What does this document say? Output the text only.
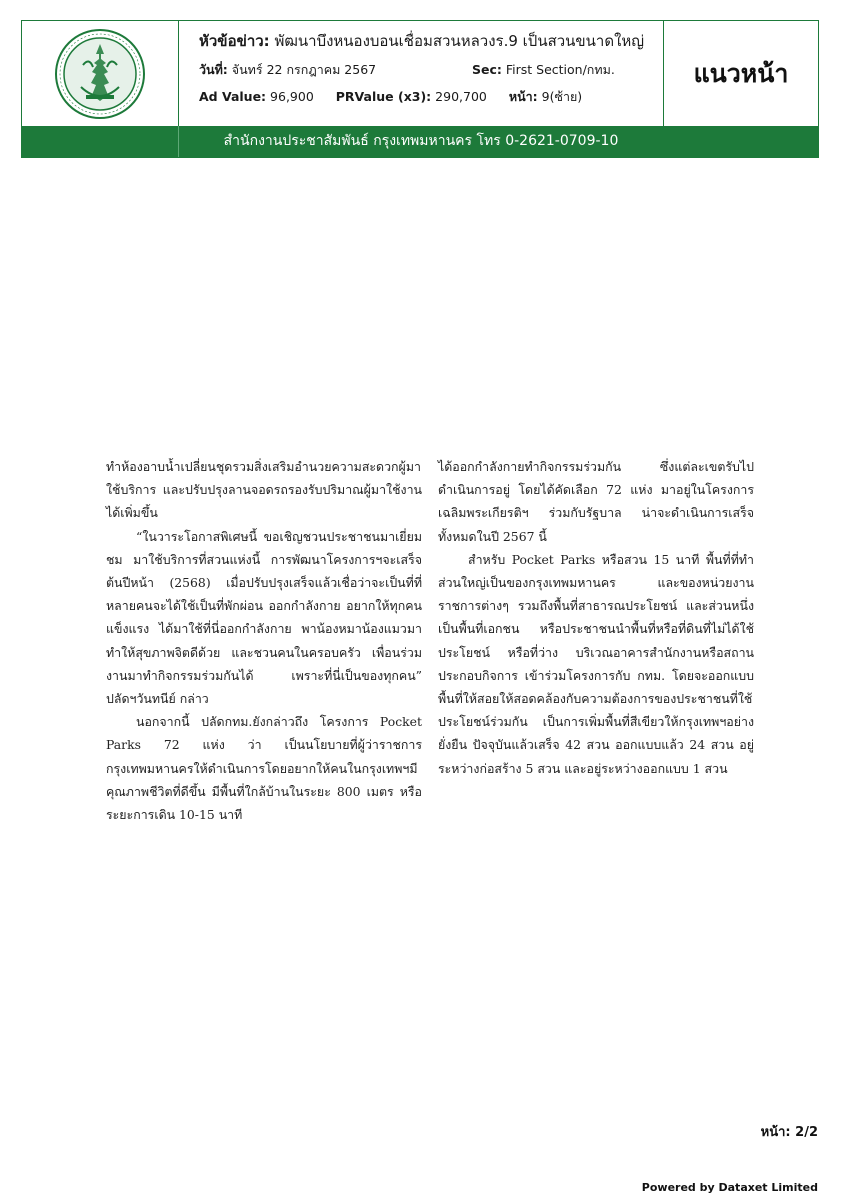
หัวข้อข่าว: พัฒนาบึงหนองบอนเชื่อมสวนหลวงร.9 เป็นสวนขนาดใหญ่
วันที่: จันทร์ 22 กรกฎาคม 2567	Sec: First Section/กทม.
Ad Value: 96,900 PRValue (x3): 290,700 หน้า: 9(ซ้าย)
แนวหน้า
สำนักงานประชาสัมพันธ์ กรุงเทพมหานคร โทร 0-2621-0709-10

ทำห้องอาบน้ำเปลี่ยนชุดรวมสิ่งเสริมอำนวยความสะดวกผู้มาใช้บริการ และปรับปรุงลานจอดรถรองรับปริมาณผู้มาใช้งานได้เพิ่มขึ้น

“ในวาระโอกาสพิเศษนี้ ขอเชิญชวนประชาชนมาเยี่ยมชม มาใช้บริการที่สวนแห่งนี้ การพัฒนาโครงการฯจะเสร็จต้นปีหน้า (2568) เมื่อปรับปรุงเสร็จแล้วเชื่อว่าจะเป็นที่ที่หลายคนจะได้ใช้เป็นที่พักผ่อน ออกกำลังกาย อยากให้ทุกคนแข็งแรง ได้มาใช้ที่นี่ออกกำลังกาย พาน้องหมาน้องแมวมาทำให้สุขภาพจิตดีด้วย และชวนคนในครอบครัว เพื่อนร่วมงานมาทำกิจกรรมร่วมกันได้ เพราะที่นี่เป็นของทุกคน” ปลัดฯวันทนีย์ กล่าว

นอกจากนี้ ปลัดกทม.ยังกล่าวถึง โครงการ Pocket Parks 72 แห่ง ว่า เป็นนโยบายที่ผู้ว่าราชการกรุงเทพมหานครให้ดำเนินการโดยอยากให้คนในกรุงเทพฯมีคุณภาพชีวิตที่ดีขึ้น มีพื้นที่ใกล้บ้านในระยะ 800 เมตร หรือระยะการเดิน 10-15 นาที

ได้ออกกำลังกายทำกิจกรรมร่วมกัน ซึ่งแต่ละเขตรับไปดำเนินการอยู่ โดยได้คัดเลือก 72 แห่ง มาอยู่ในโครงการเฉลิมพระเกียรติฯ ร่วมกับรัฐบาล น่าจะดำเนินการเสร็จทั้งหมดในปี 2567 นี้

สำหรับ Pocket Parks หรือสวน 15 นาที พื้นที่ที่ทำส่วนใหญ่เป็นของกรุงเทพมหานคร และของหน่วยงานราชการต่างๆ รวมถึงพื้นที่สาธารณประโยชน์ และส่วนหนึ่งเป็นพื้นที่เอกชน หรือประชาชนนำพื้นที่หรือที่ดินที่ไม่ได้ใช้ประโยชน์ หรือที่ว่าง บริเวณอาคารสำนักงานหรือสถานประกอบกิจการ เข้าร่วมโครงการกับ กทม. โดยจะออกแบบพื้นที่ให้สอยให้สอดคล้องกับความต้องการของประชาชนที่ใช้ประโยชน์ร่วมกัน เป็นการเพิ่มพื้นที่สีเขียวให้กรุงเทพฯอย่างยั่งยืน ปัจจุบันแล้วเสร็จ 42 สวน ออกแบบแล้ว 24 สวน อยู่ระหว่างก่อสร้าง 5 สวน และอยู่ระหว่างออกแบบ 1 สวน

หน้า: 2/2
Powered by Dataxet Limited
